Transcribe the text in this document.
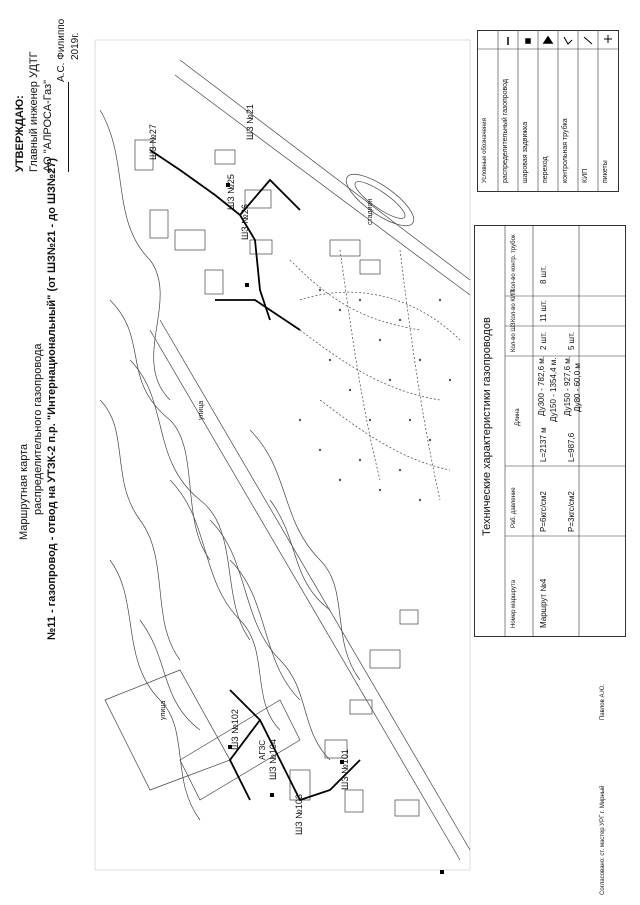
ШЗ №27
ШЗ №25
ШЗ №26
ШЗ №21
ШЗ №102
ШЗ №104
ШЗ №103
ШЗ №101
АГЗС
улица
улица
стадион
Маршрутная карта распределительного газопровода №11 - газопровод - отвод на УТЗК-2 п.р. "Интернациональный" (от ШЗ№21 - до ШЗ№27)
УТВЕРЖДАЮ: Главный инженер УДТГ АО "АЛРОСА-Газ"
А.С. Филиппо 2019г.
Условные обозначения распределительный газопровод шаровая задвижка переход контрольная трубка КИП пикеты
Технические характеристики газопроводов
Номер маршрута
Раб. давление
Длина
Кол-во ШЗ
Кол-во КИП
Кол-во контр. трубок
Маршрут №4
P=6кгс/см2
L=2137 м
Ду300 - 782,6 м. Ду150 - 1354,4 м.
2 шт.
11 шт.
8 шт.
P=3кгс/см2
L=987,6
Ду150 - 927,6 м. Ду80 - 60,0 м
5 шт.
Согласовано: ст. мастер УРГ г. Мирный
Павлов А.Ю.
